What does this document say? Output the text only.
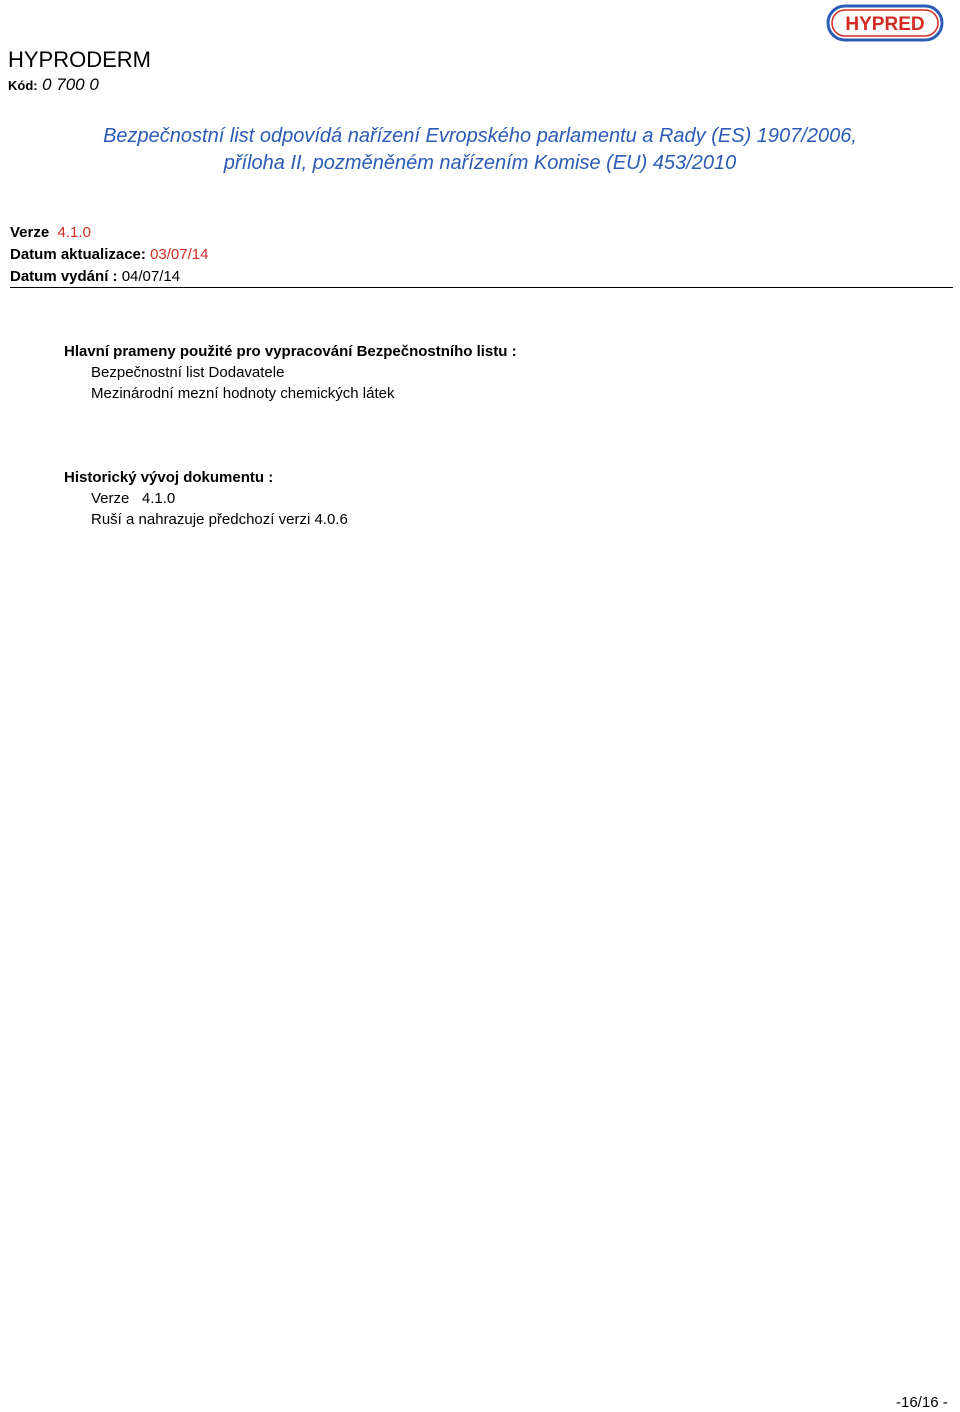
HYPRODERM
Kód: 0 700 0
HYPRED
Bezpečnostní list odpovídá nařízení Evropského parlamentu a Rady (ES) 1907/2006,
příloha II, pozměněném nařízením Komise (EU) 453/2010
Verze 4.1.0
Datum aktualizace: 03/07/14
Datum vydání : 04/07/14
Hlavní prameny použité pro vypracování Bezpečnostního listu :
Bezpečnostní list Dodavatele
Mezinárodní mezní hodnoty chemických látek
Historický vývoj dokumentu :
Verze   4.1.0
Ruší a nahrazuje předchozí verzi 4.0.6
-16/16 -
